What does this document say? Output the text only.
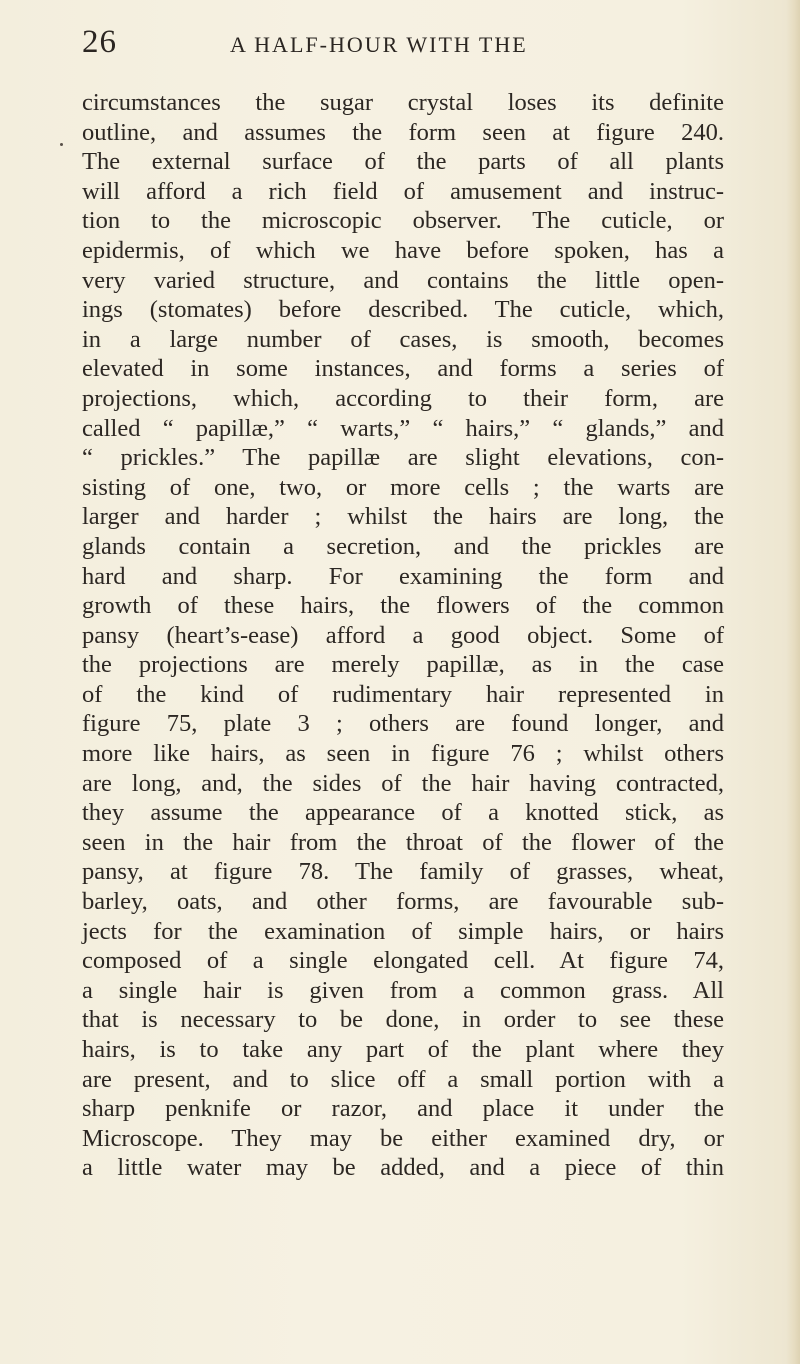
26	A HALF-HOUR WITH THE
circumstances the sugar crystal loses its definite
outline, and assumes the form seen at figure 240.
The external surface of the parts of all plants
will afford a rich field of amusement and instruc-
tion to the microscopic observer. The cuticle, or
epidermis, of which we have before spoken, has a
very varied structure, and contains the little open-
ings (stomates) before described. The cuticle, which,
in a large number of cases, is smooth, becomes
elevated in some instances, and forms a series of
projections, which, according to their form, are
called “ papillæ,” “ warts,” “ hairs,” “ glands,” and
“ prickles.” The papillæ are slight elevations, con-
sisting of one, two, or more cells ; the warts are
larger and harder ; whilst the hairs are long, the
glands contain a secretion, and the prickles are
hard and sharp. For examining the form and
growth of these hairs, the flowers of the common
pansy (heart’s-ease) afford a good object. Some of
the projections are merely papillæ, as in the case
of the kind of rudimentary hair represented in
figure 75, plate 3 ; others are found longer, and
more like hairs, as seen in figure 76 ; whilst others
are long, and, the sides of the hair having contracted,
they assume the appearance of a knotted stick, as
seen in the hair from the throat of the flower of the
pansy, at figure 78. The family of grasses, wheat,
barley, oats, and other forms, are favourable sub-
jects for the examination of simple hairs, or hairs
composed of a single elongated cell. At figure 74,
a single hair is given from a common grass. All
that is necessary to be done, in order to see these
hairs, is to take any part of the plant where they
are present, and to slice off a small portion with a
sharp penknife or razor, and place it under the
Microscope. They may be either examined dry, or
a little water may be added, and a piece of thin
